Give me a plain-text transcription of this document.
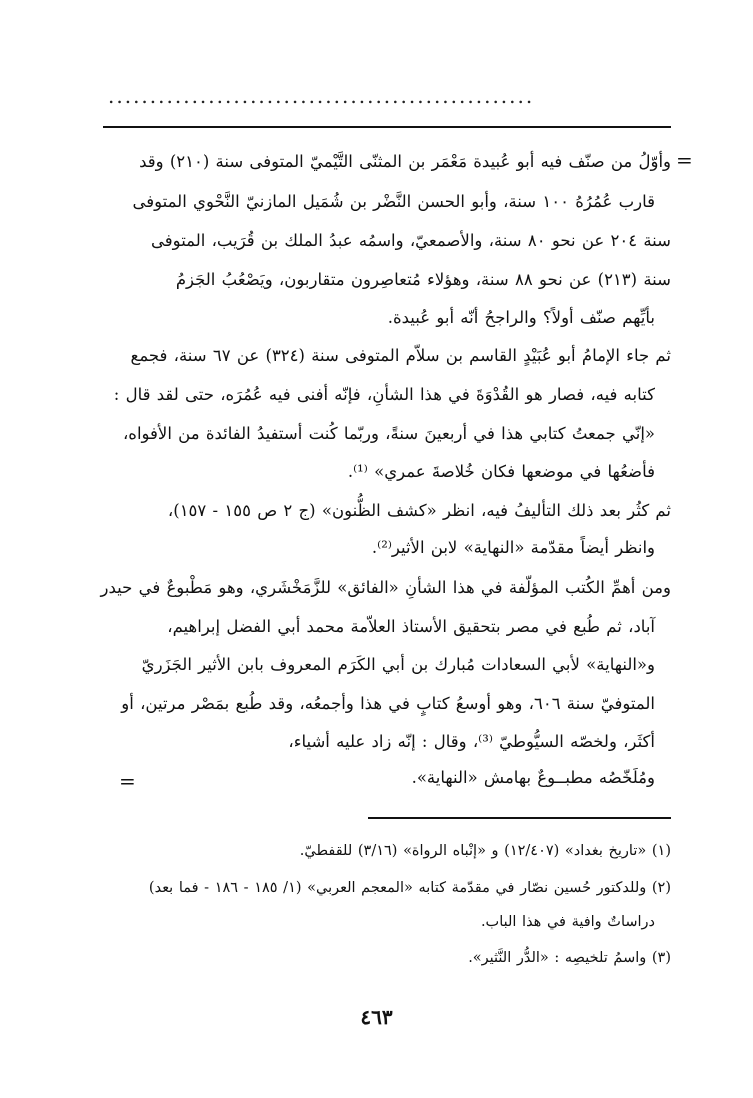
...................................................
=
وأوّلُ من صنّف فيه أبو عُبيدة مَعْمَر بن المثنّى التَّيْميّ المتوفى سنة (٢١٠) وقد
قارب عُمُرُهُ ١٠٠ سنة، وأبو الحسن النَّضْر بن شُمَيل المازنيّ النَّحْوي المتوفى
سنة ٢٠٤ عن نحو ٨٠ سنة، والأصمعيّ، واسمُه عبدُ الملك بن قُرَيب، المتوفى
سنة (٢١٣) عن نحو ٨٨ سنة، وهؤلاء مُتعاصِرون متقاربون، ويَصْعُبُ الجَزمُ
بأيِّهم صنّف أولاً؟ والراجحُ أنّه أبو عُبيدة.
ثم جاء الإمامُ أبو عُبَيْدٍ القاسم بن سلاّم المتوفى سنة (٣٢٤) عن ٦٧ سنة، فجمع
كتابه فيه، فصار هو القُدْوَةَ في هذا الشأنِ، فإنّه أفنى فيه عُمُرَه، حتى لقد قال :
«إنّي جمعتُ كتابي هذا في أربعينَ سنةً، وربّما كُنت أستفيدُ الفائدة من الأفواه،
فأضعُها في موضعها فكان خُلاصةَ عمري» ⁽¹⁾.
ثم كثُر بعد ذلك التأليفُ فيه، انظر «كشف الظُّنون» (ج ٢ ص ١٥٥ - ١٥٧)،
وانظر أيضاً مقدّمة «النهاية» لابن الأثير⁽²⁾.
ومن أهمِّ الكُتب المؤلّفة في هذا الشأنِ «الفائق» للزَّمَخْشَري، وهو مَطْبوعٌ في حيدر
آباد، ثم طُبع في مصر بتحقيق الأستاذ العلاّمة محمد أبي الفضل إبراهيم،
و«النهاية» لأبي السعادات مُبارك بن أبي الكَرَم المعروف بابن الأثير الجَزَريّ
المتوفيّ سنة ٦٠٦، وهو أوسعُ كتابٍ في هذا وأجمعُه، وقد طُبع بمَصْر مرتين، أو
أكثَر، ولخصّه السيُّوطيّ ⁽³⁾، وقال : إنّه زاد عليه أشياء،
ومُلَخّصُه مطبــوعٌ بهامش «النهاية».
=
(١) «تاريخ بغداد» (١٢/٤٠٧) و «إنْباه الرواة» (٣/١٦) للقفطيّ.
(٢) وللدكتور حُسين نصّار في مقدّمة كتابه «المعجم العربي» (١/ ١٨٥ - ١٨٦ - فما بعد)
دراساتٌ وافية في هذا الباب.
(٣) واسمُ تلخيصِه : «الدُّر النَّثير».
٤٦٣
